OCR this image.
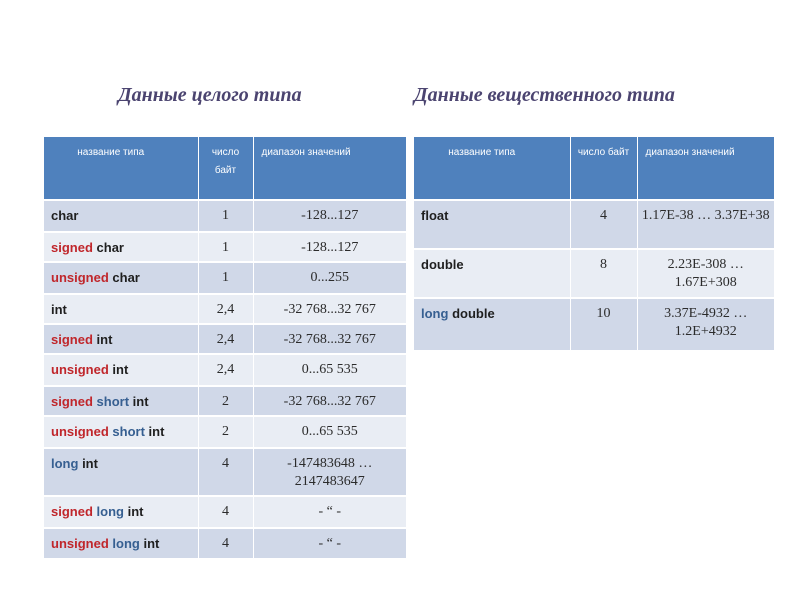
Данные целого типа	Данные вещественного типа
название типа	число байт	диапазон значений
char	1	-128...127
signed char	1	-128...127
unsigned char	1	0...255
int	2,4	-32 768...32 767
signed int	2,4	-32 768...32 767
unsigned int	2,4	0...65 535
signed short int	2	-32 768...32 767
unsigned short int	2	0...65 535
long int	4	-147483648 … 2147483647
signed long int	4	- “ -
unsigned long int	4	- “ -
название типа	число байт	диапазон значений
float	4	1.17E-38 … 3.37E+38
double	8	2.23E-308 … 1.67E+308
long double	10	3.37E-4932 … 1.2E+4932
